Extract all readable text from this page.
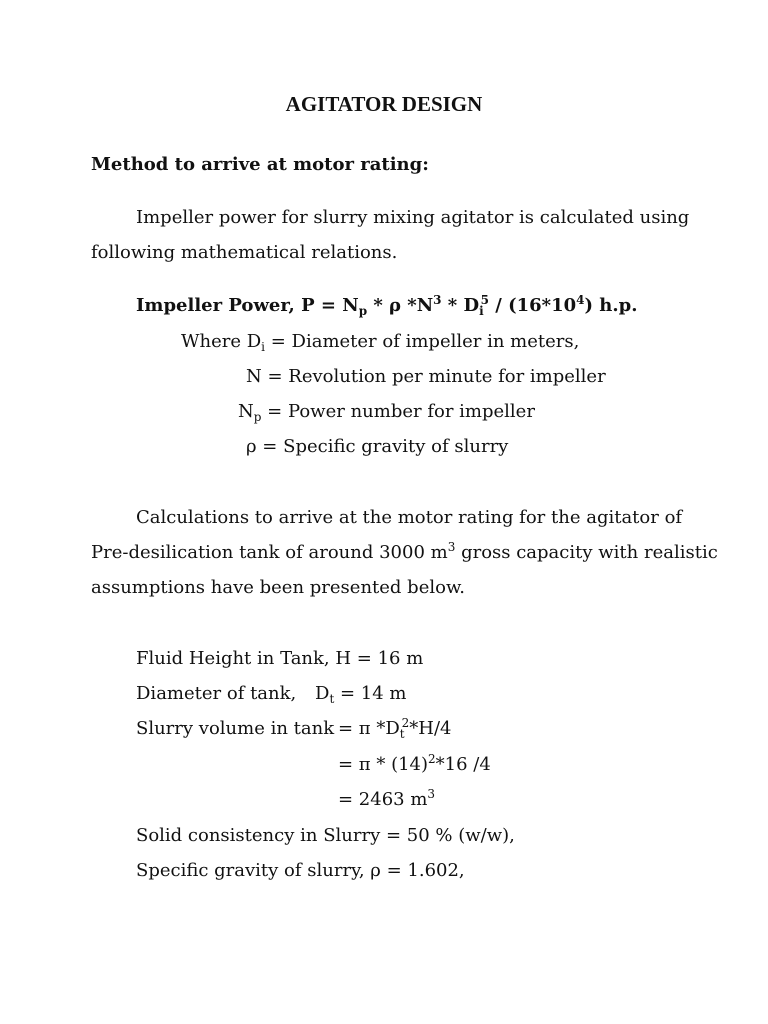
AGITATOR DESIGN
Method to arrive at motor rating:
Impeller power for slurry mixing agitator is calculated using
following mathematical relations.
Impeller Power, $P = N_p * \rho$ $*N^3 * D_i^5 / (16*10^4)$ h.p.
Where $D_i$ = Diameter of impeller in meters,
N = Revolution per minute for impeller
$N_p$ = Power number for impeller
ρ = Specific gravity of slurry
Calculations to arrive at the motor rating for the agitator of
Pre-desilication tank of around 3000 $m^3$ gross capacity with realistic
assumptions have been presented below.
Fluid Height in Tank, H = 16 m
Diameter of tank, $D_t = 14$ m
Slurry volume in tank = π $*D_t^2*H/4$
= π * $(14)^2*16$ /4
= 2463 $m^3$
Solid consistency in Slurry = 50 % (w/w),
Specific gravity of slurry, ρ = 1.602,
